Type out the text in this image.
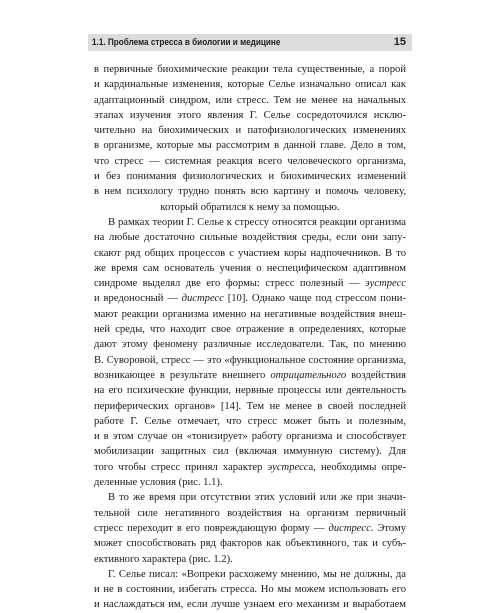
1.1. Проблема стресса в биологии и медицине	15
в первичные биохимические реакции тела существенные, а порой
и кардинальные изменения, которые Селье изначально описал как
адаптационный синдром, или стресс. Тем не менее на начальных
этапах изучения этого явления Г. Селье сосредоточился исклю-
чительно на биохимических и патофизиологических изменениях
в организме, которые мы рассмотрим в данной главе. Дело в том,
что стресс — системная реакция всего человеческого организма,
и без понимания физиологических и биохимических изменений
в нем психологу трудно понять всю картину и помочь человеку,
который обратился к нему за помощью.
В рамках теории Г. Селье к стрессу относятся реакции организма
на любые достаточно сильные воздействия среды, если они запу-
скают ряд общих процессов с участием коры надпочечников. В то
же время сам основатель учения о неспецифическом адаптивном
синдроме выделял две его формы: стресс полезный — эустресс
и вредоносный — дистресс [10]. Однако чаще под стрессом пони-
мают реакции организма именно на негативные воздействия внеш-
ней среды, что находит свое отражение в определениях, которые
дают этому феномену различные исследователи. Так, по мнению
В. Суворовой, стресс — это «функциональное состояние организма,
возникающее в результате внешнего отрицательного воздействия
на его психические функции, нервные процессы или деятельность
периферических органов» [14]. Тем не менее в своей последней
работе Г. Селье отмечает, что стресс может быть и полезным,
и в этом случае он «тонизирует» работу организма и способствует
мобилизации защитных сил (включая иммунную систему). Для
того чтобы стресс принял характер эустресса, необходимы опре-
деленные условия (рис. 1.1).
В то же время при отсутствии этих условий или же при значи-
тельной силе негативного воздействия на организм первичный
стресс переходит в его повреждающую форму — дистресс. Этому
может способствовать ряд факторов как объективного, так и субъ-
ективного характера (рис. 1.2).
Г. Селье писал: «Вопреки расхожему мнению, мы не должны, да
и не в состоянии, избегать стресса. Но мы можем использовать его
и наслаждаться им, если лучше узнаем его механизм и выработаем
